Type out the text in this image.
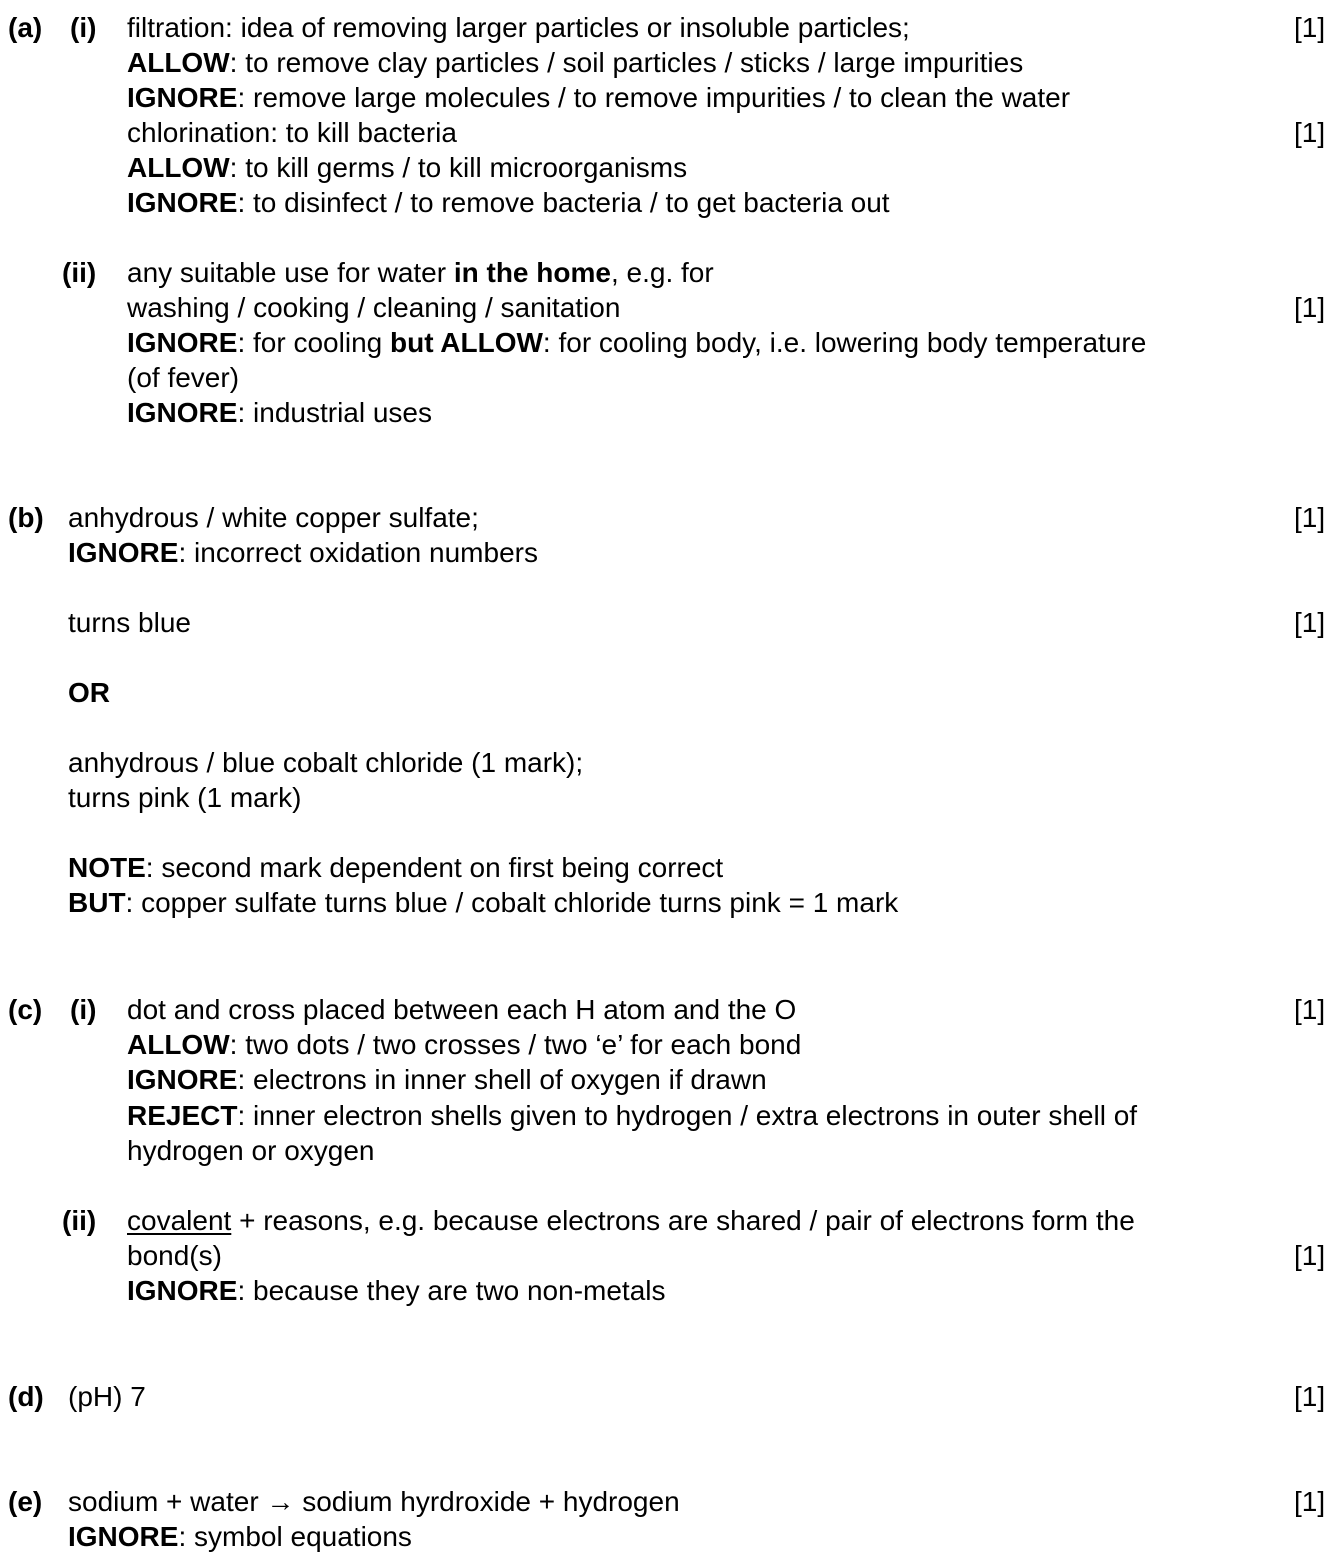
(a) (i) filtration: idea of removing larger particles or insoluble particles;	[1]
ALLOW: to remove clay particles / soil particles / sticks / large impurities
IGNORE: remove large molecules / to remove impurities / to clean the water
chlorination: to kill bacteria	[1]
ALLOW: to kill germs / to kill microorganisms
IGNORE: to disinfect / to remove bacteria / to get bacteria out
(ii) any suitable use for water in the home, e.g. for
washing / cooking / cleaning / sanitation	[1]
IGNORE: for cooling but ALLOW: for cooling body, i.e. lowering body temperature
(of fever)
IGNORE: industrial uses
(b) anhydrous / white copper sulfate;	[1]
IGNORE: incorrect oxidation numbers
turns blue	[1]
OR
anhydrous / blue cobalt chloride (1 mark);
turns pink (1 mark)
NOTE: second mark dependent on first being correct
BUT: copper sulfate turns blue / cobalt chloride turns pink = 1 mark
(c) (i) dot and cross placed between each H atom and the O	[1]
ALLOW: two dots / two crosses / two ‘e’ for each bond
IGNORE: electrons in inner shell of oxygen if drawn
REJECT: inner electron shells given to hydrogen / extra electrons in outer shell of
hydrogen or oxygen
(ii) covalent + reasons, e.g. because electrons are shared / pair of electrons form the
bond(s)	[1]
IGNORE: because they are two non-metals
(d) (pH) 7	[1]
(e) sodium + water → sodium hyrdroxide + hydrogen	[1]
IGNORE: symbol equations
